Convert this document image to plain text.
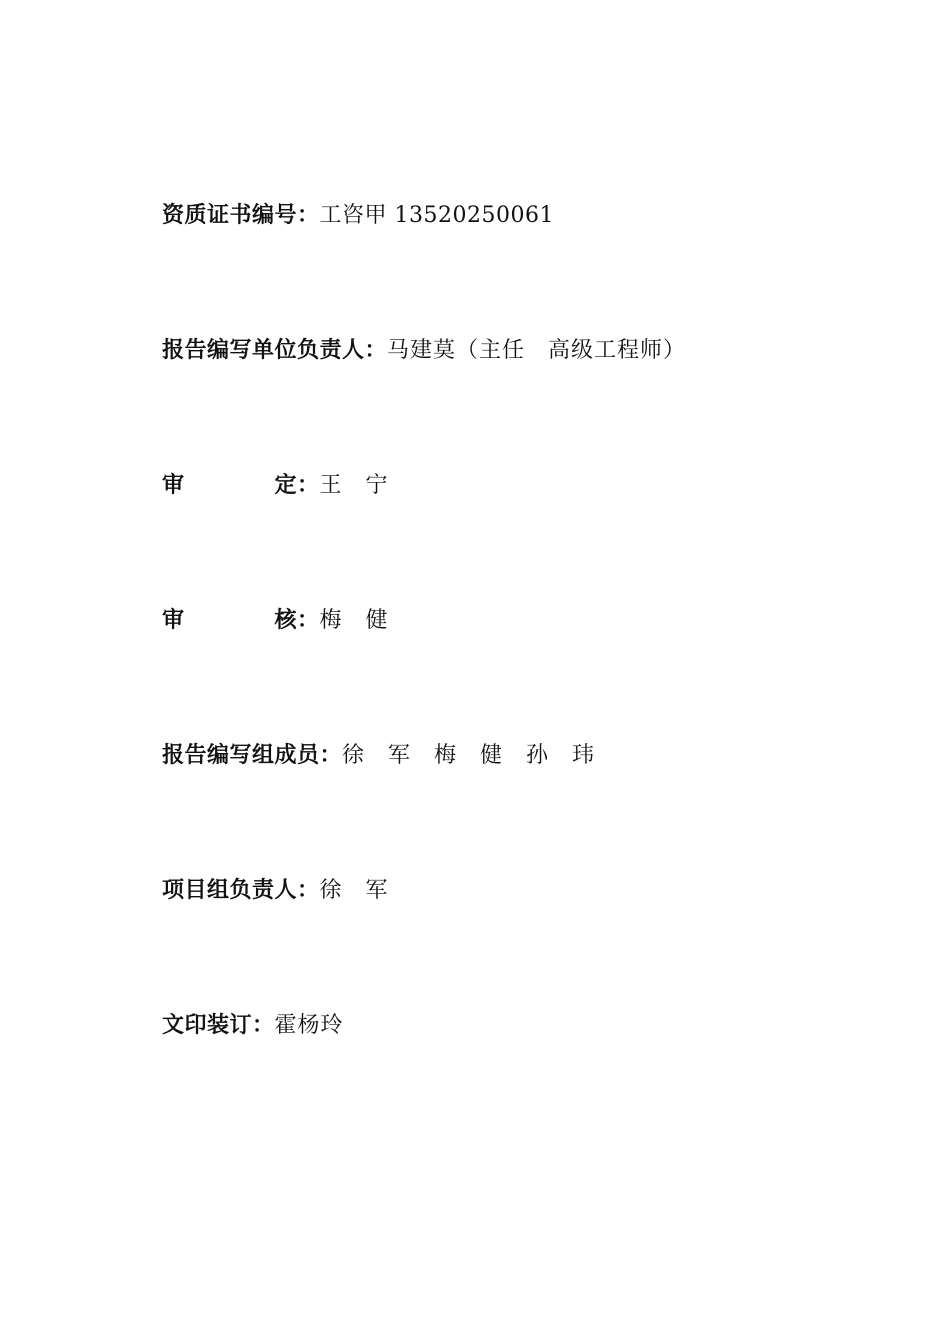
资质证书编号：工咨甲 13520250061

报告编写单位负责人：马建莫（主任　高级工程师）

审　　　　定：王　宁

审　　　　核：梅　健

报告编写组成员：徐　军　梅　健　孙　玮

项目组负责人：徐　军

文印装订：霍杨玲
